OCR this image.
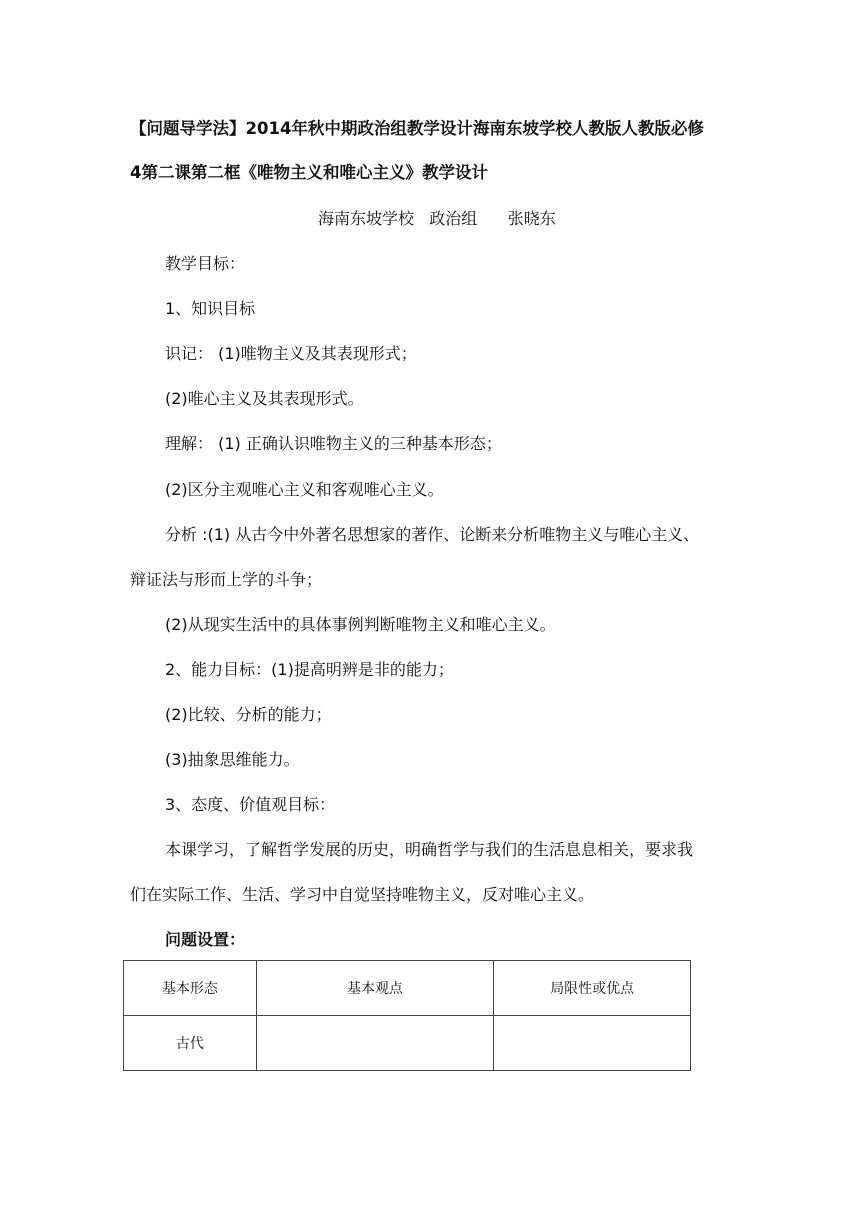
【问题导学法】2014年秋中期政治组教学设计海南东坡学校人教版人教版必修
4第二课第二框《唯物主义和唯心主义》教学设计
海南东坡学校   政治组      张晓东
教学目标：
1、知识目标
识记： (1)唯物主义及其表现形式；
(2)唯心主义及其表现形式。
理解： (1) 正确认识唯物主义的三种基本形态；
(2)区分主观唯心主义和客观唯心主义。
分析 :(1) 从古今中外著名思想家的著作、论断来分析唯物主义与唯心主义、
辩证法与形而上学的斗争；
(2)从现实生活中的具体事例判断唯物主义和唯心主义。
2、能力目标：(1)提高明辨是非的能力；
(2)比较、分析的能力；
(3)抽象思维能力。
3、态度、价值观目标：
本课学习，了解哲学发展的历史，明确哲学与我们的生活息息相关，要求我
们在实际工作、生活、学习中自觉坚持唯物主义，反对唯心主义。
问题设置：
基本形态	基本观点	局限性或优点
古代		
